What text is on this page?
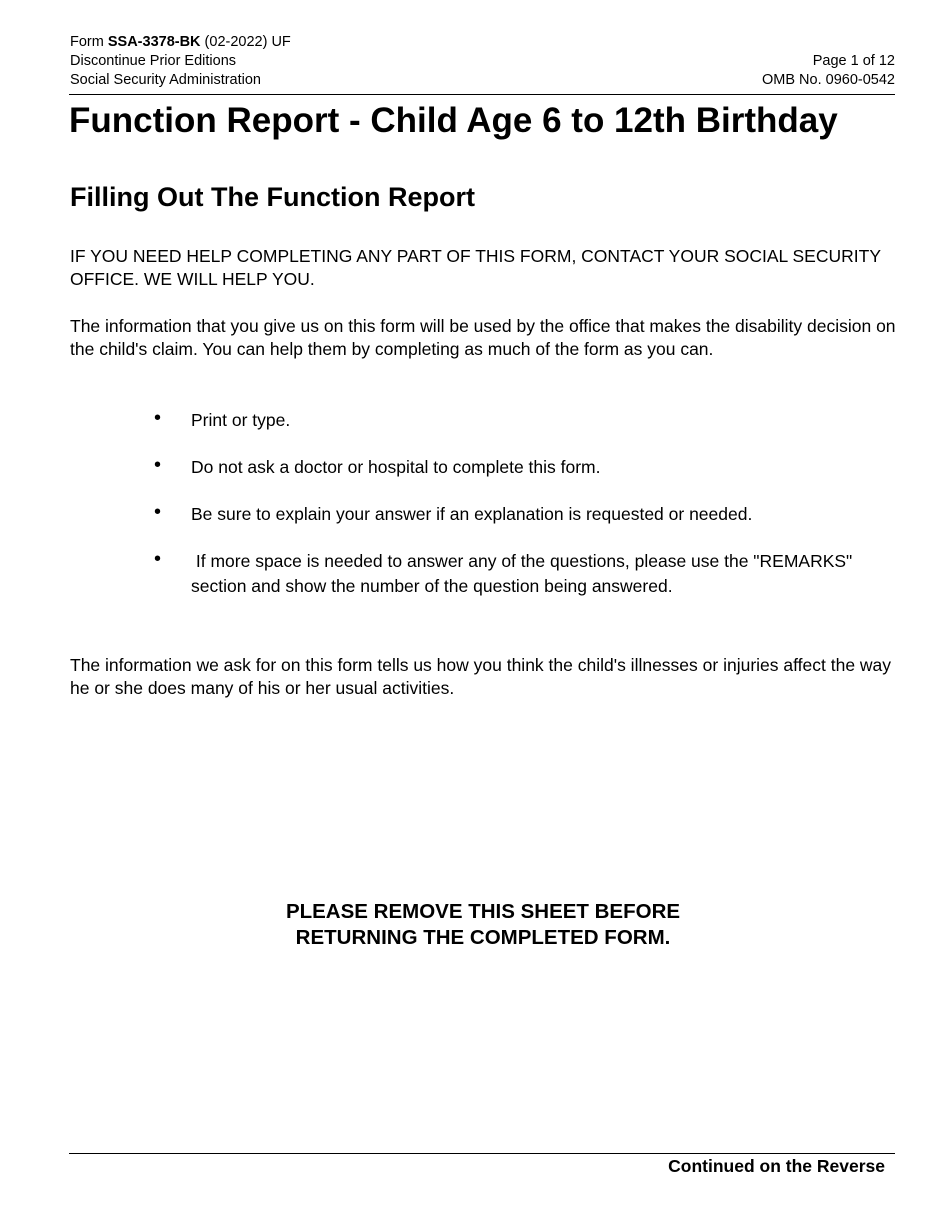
Form SSA-3378-BK (02-2022) UF
Discontinue Prior Editions
Social Security Administration
Page 1 of 12
OMB No. 0960-0542
Function Report - Child Age 6 to 12th Birthday
Filling Out The Function Report

IF YOU NEED HELP COMPLETING ANY PART OF THIS FORM, CONTACT YOUR SOCIAL SECURITY OFFICE. WE WILL HELP YOU.

The information that you give us on this form will be used by the office that makes the disability decision on the child's claim. You can help them by completing as much of the form as you can.

• Print or type.
• Do not ask a doctor or hospital to complete this form.
• Be sure to explain your answer if an explanation is requested or needed.
• If more space is needed to answer any of the questions, please use the "REMARKS" section and show the number of the question being answered.

The information we ask for on this form tells us how you think the child's illnesses or injuries affect the way he or she does many of his or her usual activities.

PLEASE REMOVE THIS SHEET BEFORE
RETURNING THE COMPLETED FORM.
Continued on the Reverse
